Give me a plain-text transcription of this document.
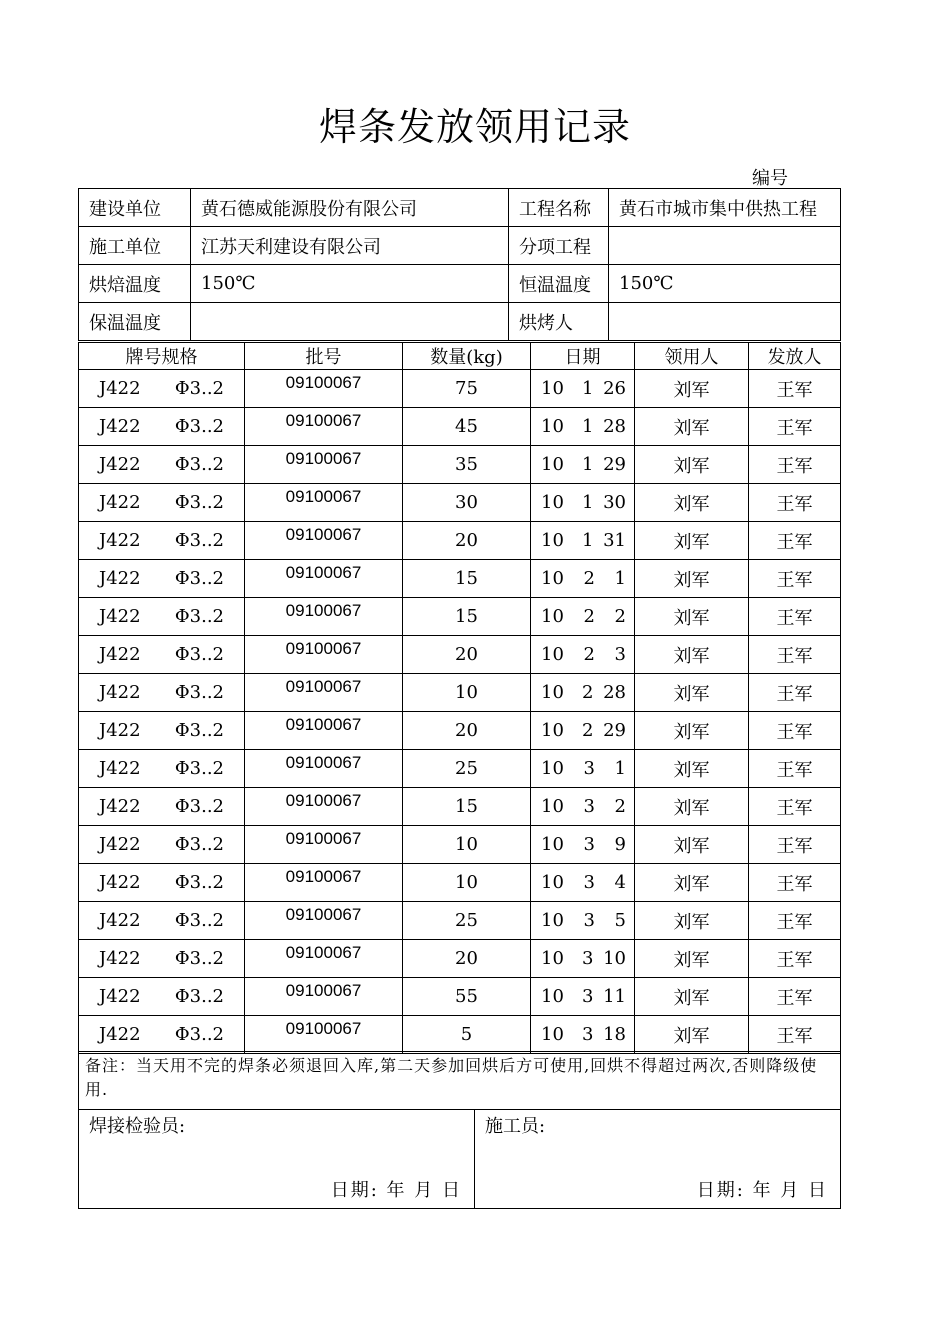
焊条发放领用记录
编号
建设单位	黄石德威能源股份有限公司	工程名称	黄石市城市集中供热工程
施工单位	江苏天利建设有限公司	分项工程	
烘焙温度	150℃	恒温温度	150℃
保温温度		烘烤人	
牌号规格	批号	数量(kg)	日期	领用人	发放人

J422 Φ3..2	09100067	75	10 1 26	刘军	王军

J422 Φ3..2	09100067	45	10 1 28	刘军	王军

J422 Φ3..2	09100067	35	10 1 29	刘军	王军

J422 Φ3..2	09100067	30	10 1 30	刘军	王军

J422 Φ3..2	09100067	20	10 1 31	刘军	王军

J422 Φ3..2	09100067	15	10 2 1	刘军	王军

J422 Φ3..2	09100067	15	10 2 2	刘军	王军

J422 Φ3..2	09100067	20	10 2 3	刘军	王军

J422 Φ3..2	09100067	10	10 2 28	刘军	王军

J422 Φ3..2	09100067	20	10 2 29	刘军	王军

J422 Φ3..2	09100067	25	10 3 1	刘军	王军

J422 Φ3..2	09100067	15	10 3 2	刘军	王军

J422 Φ3..2	09100067	10	10 3 9	刘军	王军

J422 Φ3..2	09100067	10	10 3 4	刘军	王军

J422 Φ3..2	09100067	25	10 3 5	刘军	王军

J422 Φ3..2	09100067	20	10 3 10	刘军	王军

J422 Φ3..2	09100067	55	10 3 11	刘军	王军

J422 Φ3..2	09100067	5	10 3 18	刘军	王军
备注：当天用不完的焊条必须退回入库,第二天参加回烘后方可使用,回烘不得超过两次,否则降级使用.

焊接检验员:
日期: 年 月 日

施工员:
日期: 年 月 日
